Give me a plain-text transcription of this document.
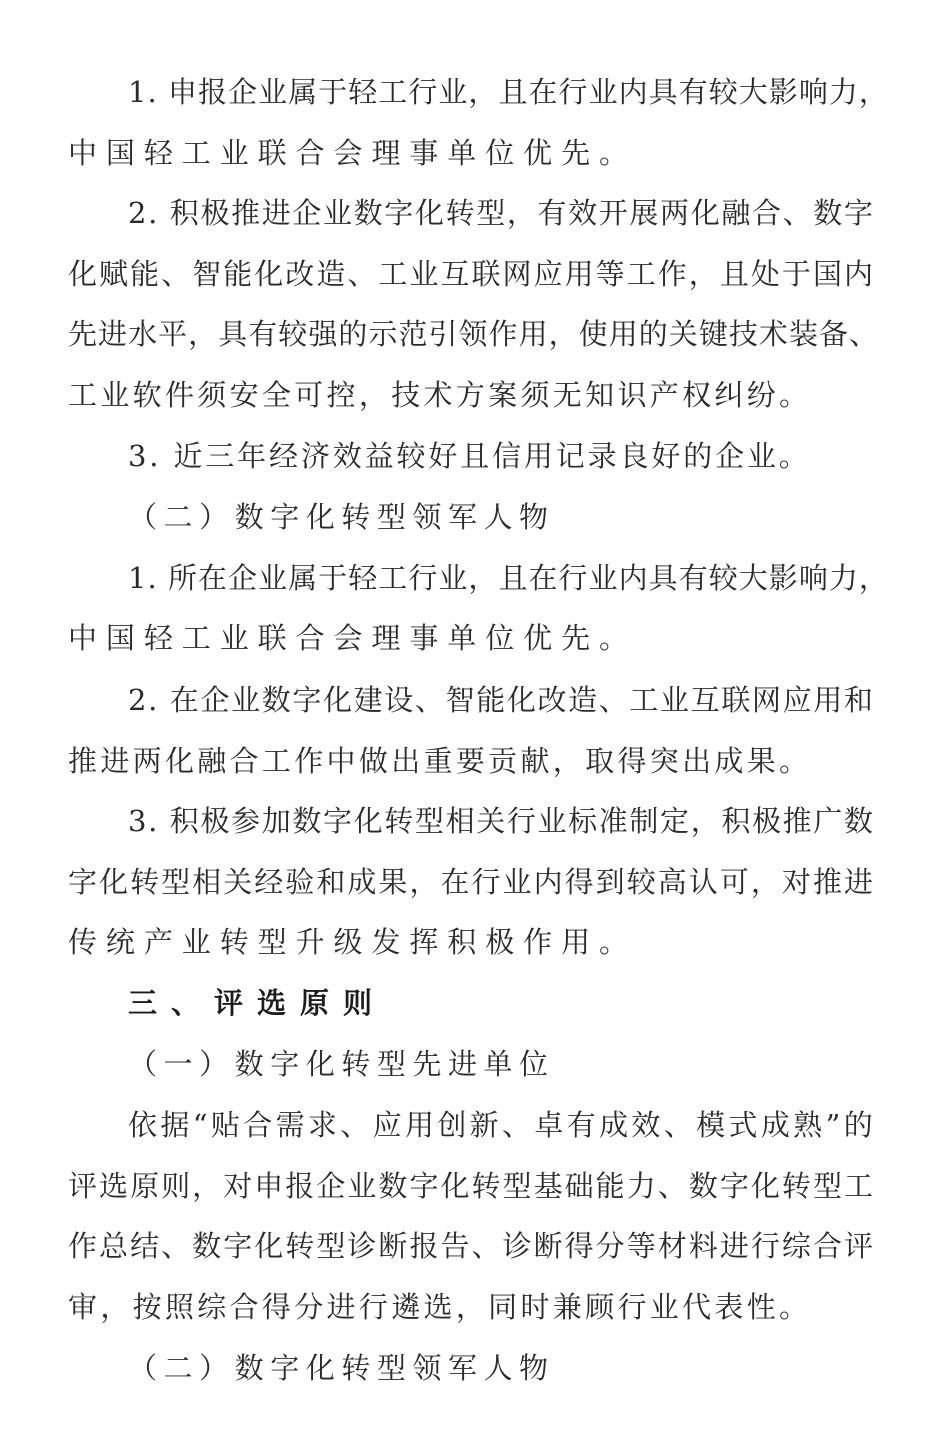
1. 申报企业属于轻工行业，且在行业内具有较大影响力，
中国轻工业联合会理事单位优先。
2. 积极推进企业数字化转型，有效开展两化融合、数字
化赋能、智能化改造、工业互联网应用等工作，且处于国内
先进水平，具有较强的示范引领作用，使用的关键技术装备、
工业软件须安全可控，技术方案须无知识产权纠纷。
3. 近三年经济效益较好且信用记录良好的企业。
（二）数字化转型领军人物
1. 所在企业属于轻工行业，且在行业内具有较大影响力，
中国轻工业联合会理事单位优先。
2. 在企业数字化建设、智能化改造、工业互联网应用和
推进两化融合工作中做出重要贡献，取得突出成果。
3. 积极参加数字化转型相关行业标准制定，积极推广数
字化转型相关经验和成果，在行业内得到较高认可，对推进
传统产业转型升级发挥积极作用。
三、评选原则
（一）数字化转型先进单位
依据“贴合需求、应用创新、卓有成效、模式成熟”的
评选原则，对申报企业数字化转型基础能力、数字化转型工
作总结、数字化转型诊断报告、诊断得分等材料进行综合评
审，按照综合得分进行遴选，同时兼顾行业代表性。
（二）数字化转型领军人物
